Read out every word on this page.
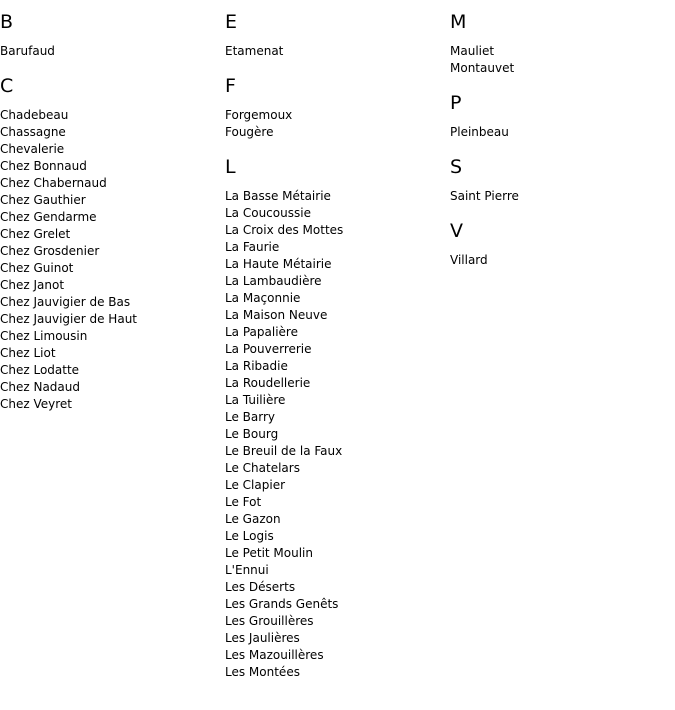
B
Barufaud
C
Chadebeau
Chassagne
Chevalerie
Chez Bonnaud
Chez Chabernaud
Chez Gauthier
Chez Gendarme
Chez Grelet
Chez Grosdenier
Chez Guinot
Chez Janot
Chez Jauvigier de Bas
Chez Jauvigier de Haut
Chez Limousin
Chez Liot
Chez Lodatte
Chez Nadaud
Chez Veyret
E
Etamenat
F
Forgemoux
Fougère
L
La Basse Métairie
La Coucoussie
La Croix des Mottes
La Faurie
La Haute Métairie
La Lambaudière
La Maçonnie
La Maison Neuve
La Papalière
La Pouverrerie
La Ribadie
La Roudellerie
La Tuilière
Le Barry
Le Bourg
Le Breuil de la Faux
Le Chatelars
Le Clapier
Le Fot
Le Gazon
Le Logis
Le Petit Moulin
L'Ennui
Les Déserts
Les Grands Genêts
Les Grouillères
Les Jaulières
Les Mazouillères
Les Montées
M
Mauliet
Montauvet
P
Pleinbeau
S
Saint Pierre
V
Villard
